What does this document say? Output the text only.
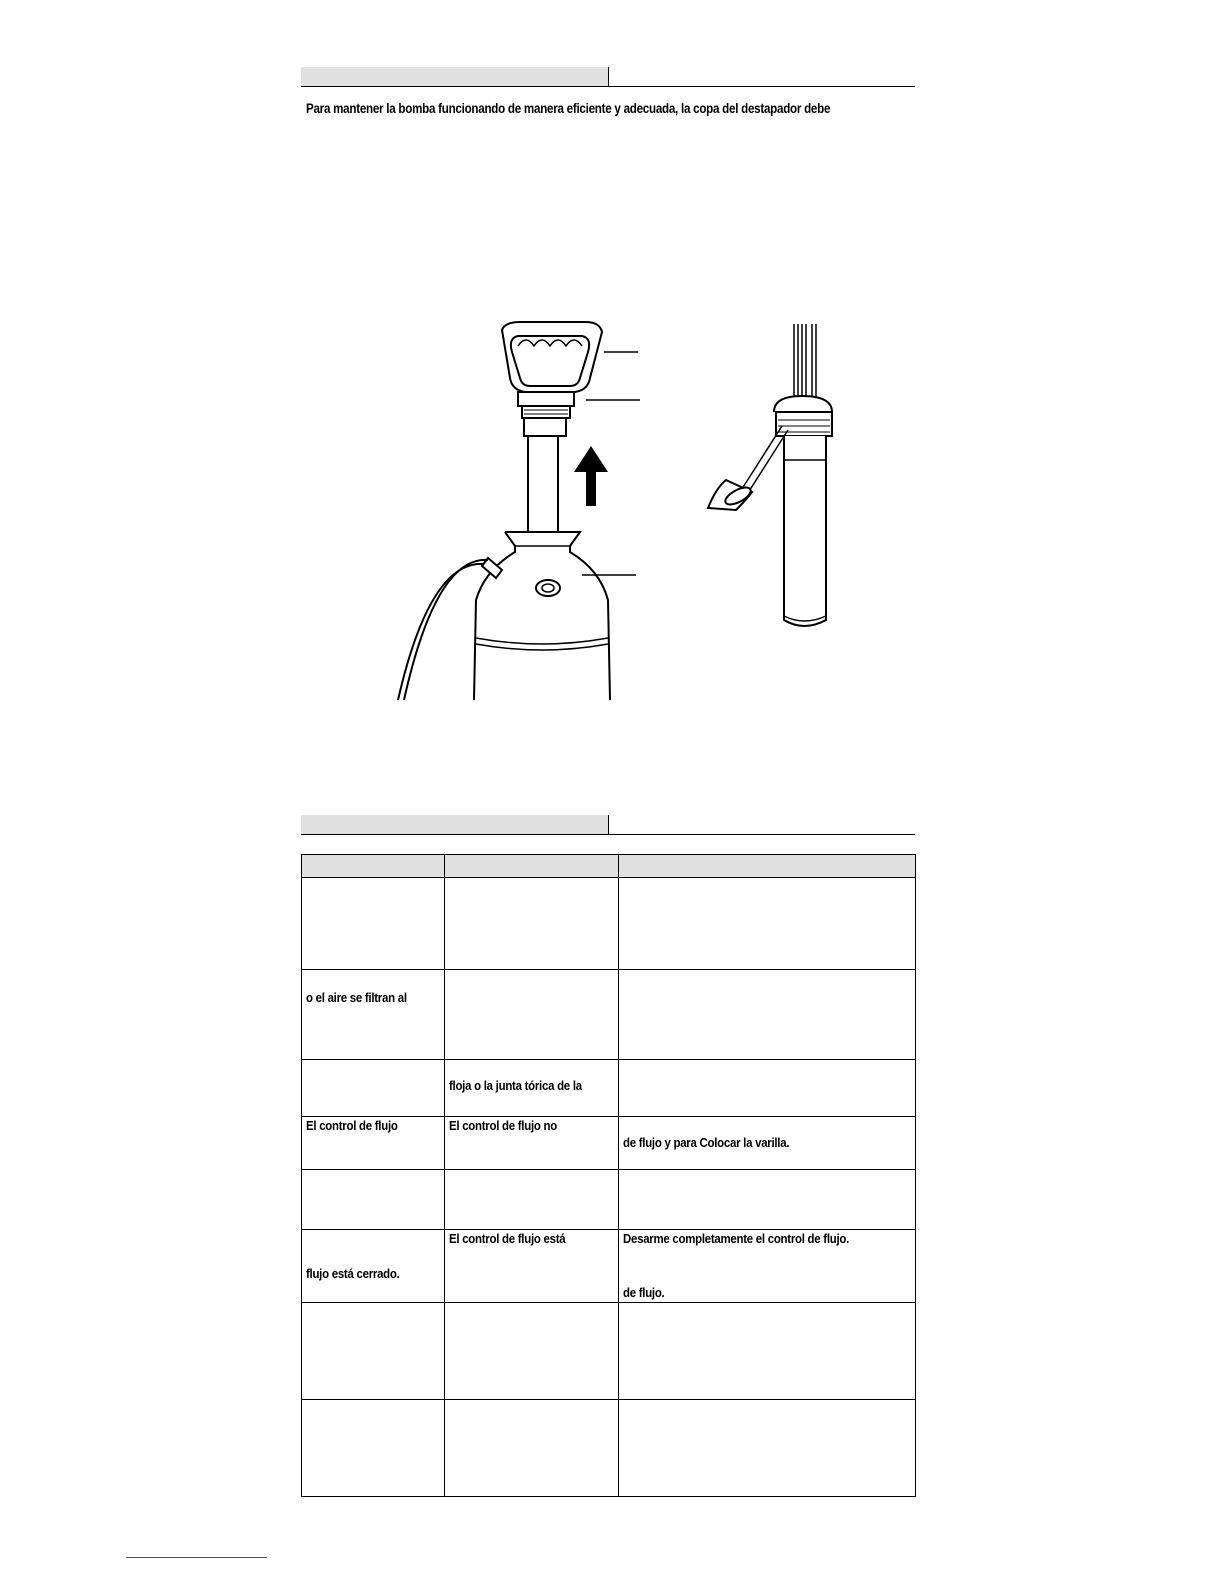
Para mantener la bomba funcionando de manera eficiente y adecuada, la copa del destapador debe

o el aire se filtran al		

	floja o la junta tórica de la	

El control de flujo	El control de flujo no	de flujo y para Colocar la varilla.

flujo está cerrado.	El control de flujo está	Desarme completamente el control de flujo.
de flujo.
